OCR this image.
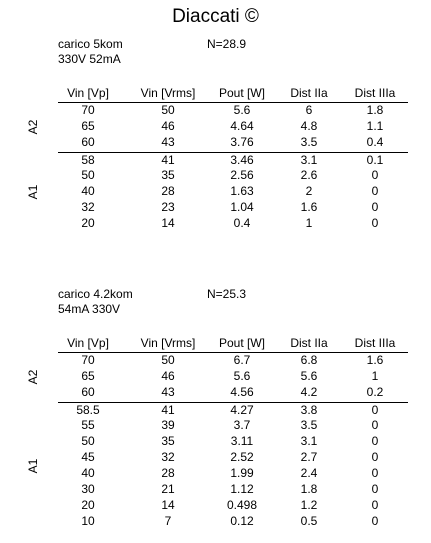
Diaccati ©
carico 5kom
330V 52mA
N=28.9
Vin [Vp]	Vin [Vrms]	Pout [W]	Dist IIa	Dist IIIa
70	50	5.6	6	1.8
65	46	4.64	4.8	1.1
60	43	3.76	3.5	0.4
A2
58	41	3.46	3.1	0.1
50	35	2.56	2.6	0
40	28	1.63	2	0
32	23	1.04	1.6	0
20	14	0.4	1	0
A1
carico 4.2kom
54mA 330V
N=25.3
Vin [Vp]	Vin [Vrms]	Pout [W]	Dist IIa	Dist IIIa
70	50	6.7	6.8	1.6
65	46	5.6	5.6	1
60	43	4.56	4.2	0.2
A2
58.5	41	4.27	3.8	0
55	39	3.7	3.5	0
50	35	3.11	3.1	0
45	32	2.52	2.7	0
40	28	1.99	2.4	0
30	21	1.12	1.8	0
20	14	0.498	1.2	0
10	7	0.12	0.5	0
A1
